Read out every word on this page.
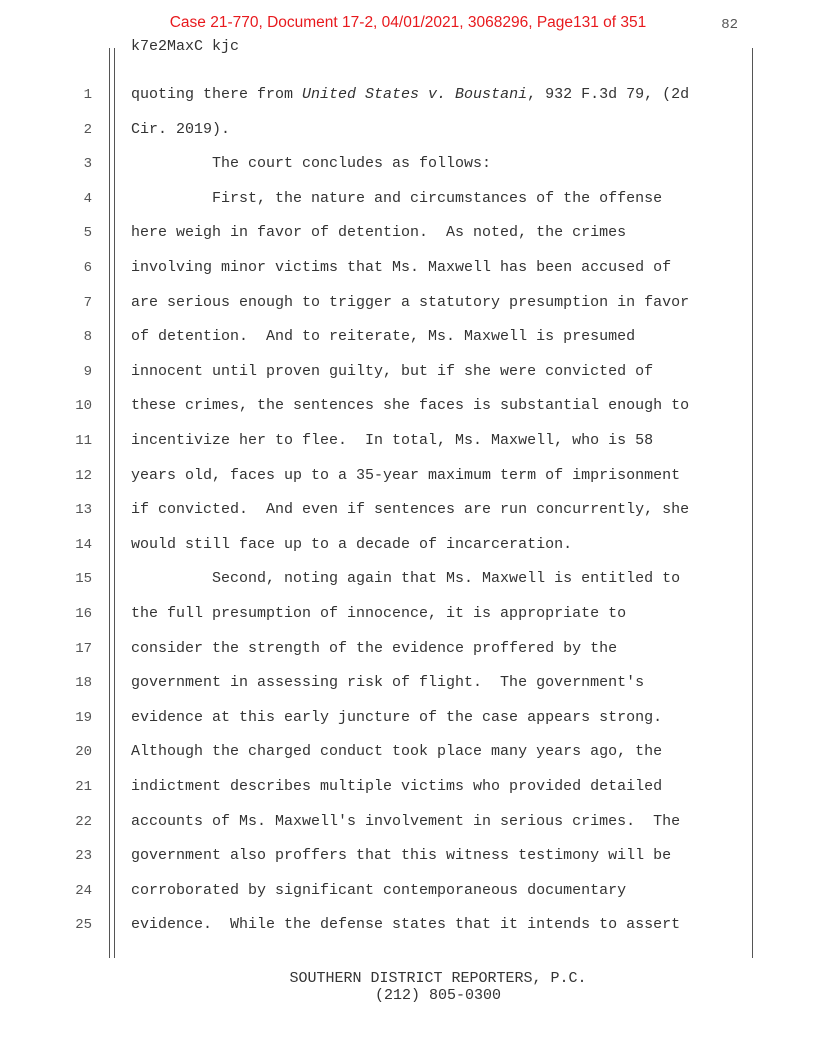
Case 21-770, Document 17-2, 04/01/2021, 3068296, Page131 of 351	82
k7e2MaxC kjc
1	quoting there from United States v. Boustani, 932 F.3d 79, (2d
2	Cir. 2019).
3	The court concludes as follows:
4	First, the nature and circumstances of the offense
5	here weigh in favor of detention.  As noted, the crimes
6	involving minor victims that Ms. Maxwell has been accused of
7	are serious enough to trigger a statutory presumption in favor
8	of detention.  And to reiterate, Ms. Maxwell is presumed
9	innocent until proven guilty, but if she were convicted of
10	these crimes, the sentences she faces is substantial enough to
11	incentivize her to flee.  In total, Ms. Maxwell, who is 58
12	years old, faces up to a 35-year maximum term of imprisonment
13	if convicted.  And even if sentences are run concurrently, she
14	would still face up to a decade of incarceration.
15	Second, noting again that Ms. Maxwell is entitled to
16	the full presumption of innocence, it is appropriate to
17	consider the strength of the evidence proffered by the
18	government in assessing risk of flight.  The government's
19	evidence at this early juncture of the case appears strong.
20	Although the charged conduct took place many years ago, the
21	indictment describes multiple victims who provided detailed
22	accounts of Ms. Maxwell's involvement in serious crimes.  The
23	government also proffers that this witness testimony will be
24	corroborated by significant contemporaneous documentary
25	evidence.  While the defense states that it intends to assert
SOUTHERN DISTRICT REPORTERS, P.C.
(212) 805-0300
